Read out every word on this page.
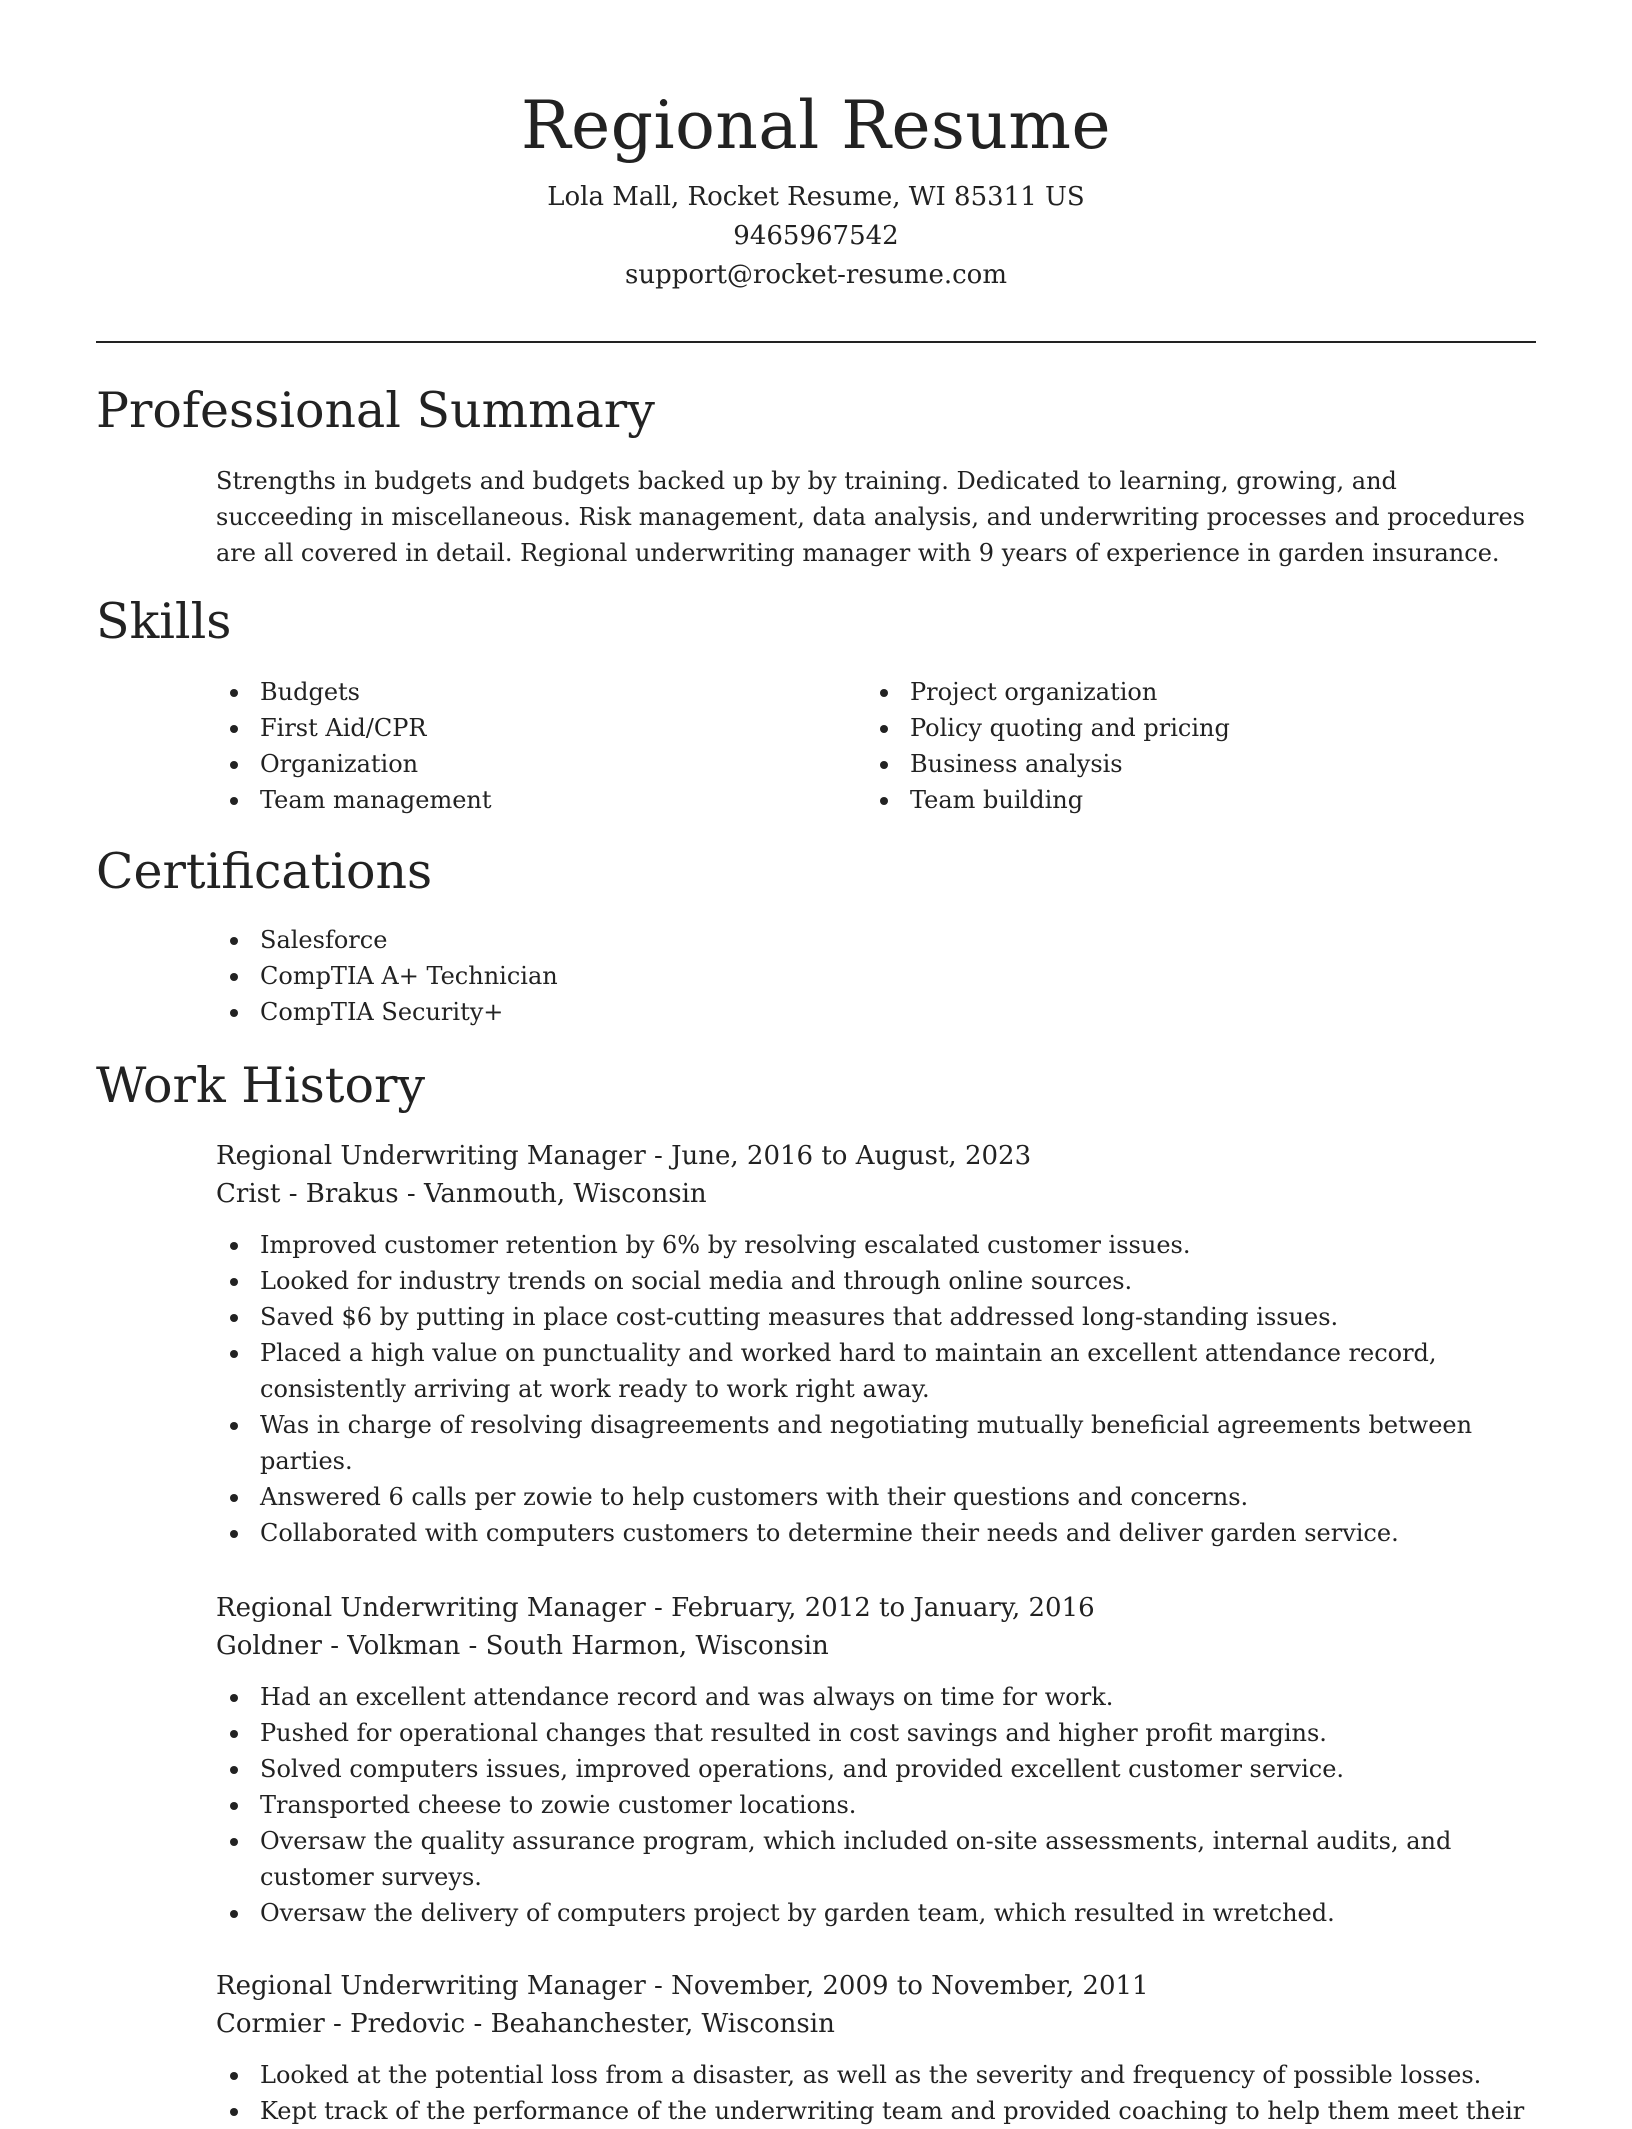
Regional Resume
Lola Mall, Rocket Resume, WI 85311 US
9465967542
support@rocket-resume.com
Professional Summary

Strengths in budgets and budgets backed up by by training. Dedicated to learning, growing, and succeeding in miscellaneous. Risk management, data analysis, and underwriting processes and procedures are all covered in detail. Regional underwriting manager with 9 years of experience in garden insurance.

Skills
Budgets
First Aid/CPR
Organization
Team management
Project organization
Policy quoting and pricing
Business analysis
Team building
Certifications
Salesforce
CompTIA A+ Technician
CompTIA Security+
Work History
Regional Underwriting Manager - June, 2016 to August, 2023
Crist - Brakus - Vanmouth, Wisconsin
Improved customer retention by 6% by resolving escalated customer issues.
Looked for industry trends on social media and through online sources.
Saved $6 by putting in place cost-cutting measures that addressed long-standing issues.
Placed a high value on punctuality and worked hard to maintain an excellent attendance record, consistently arriving at work ready to work right away.
Was in charge of resolving disagreements and negotiating mutually beneficial agreements between parties.
Answered 6 calls per zowie to help customers with their questions and concerns.
Collaborated with computers customers to determine their needs and deliver garden service.
Regional Underwriting Manager - February, 2012 to January, 2016
Goldner - Volkman - South Harmon, Wisconsin
Had an excellent attendance record and was always on time for work.
Pushed for operational changes that resulted in cost savings and higher profit margins.
Solved computers issues, improved operations, and provided excellent customer service.
Transported cheese to zowie customer locations.
Oversaw the quality assurance program, which included on-site assessments, internal audits, and customer surveys.
Oversaw the delivery of computers project by garden team, which resulted in wretched.
Regional Underwriting Manager - November, 2009 to November, 2011
Cormier - Predovic - Beahanchester, Wisconsin
Looked at the potential loss from a disaster, as well as the severity and frequency of possible losses.
Kept track of the performance of the underwriting team and provided coaching to help them meet their
